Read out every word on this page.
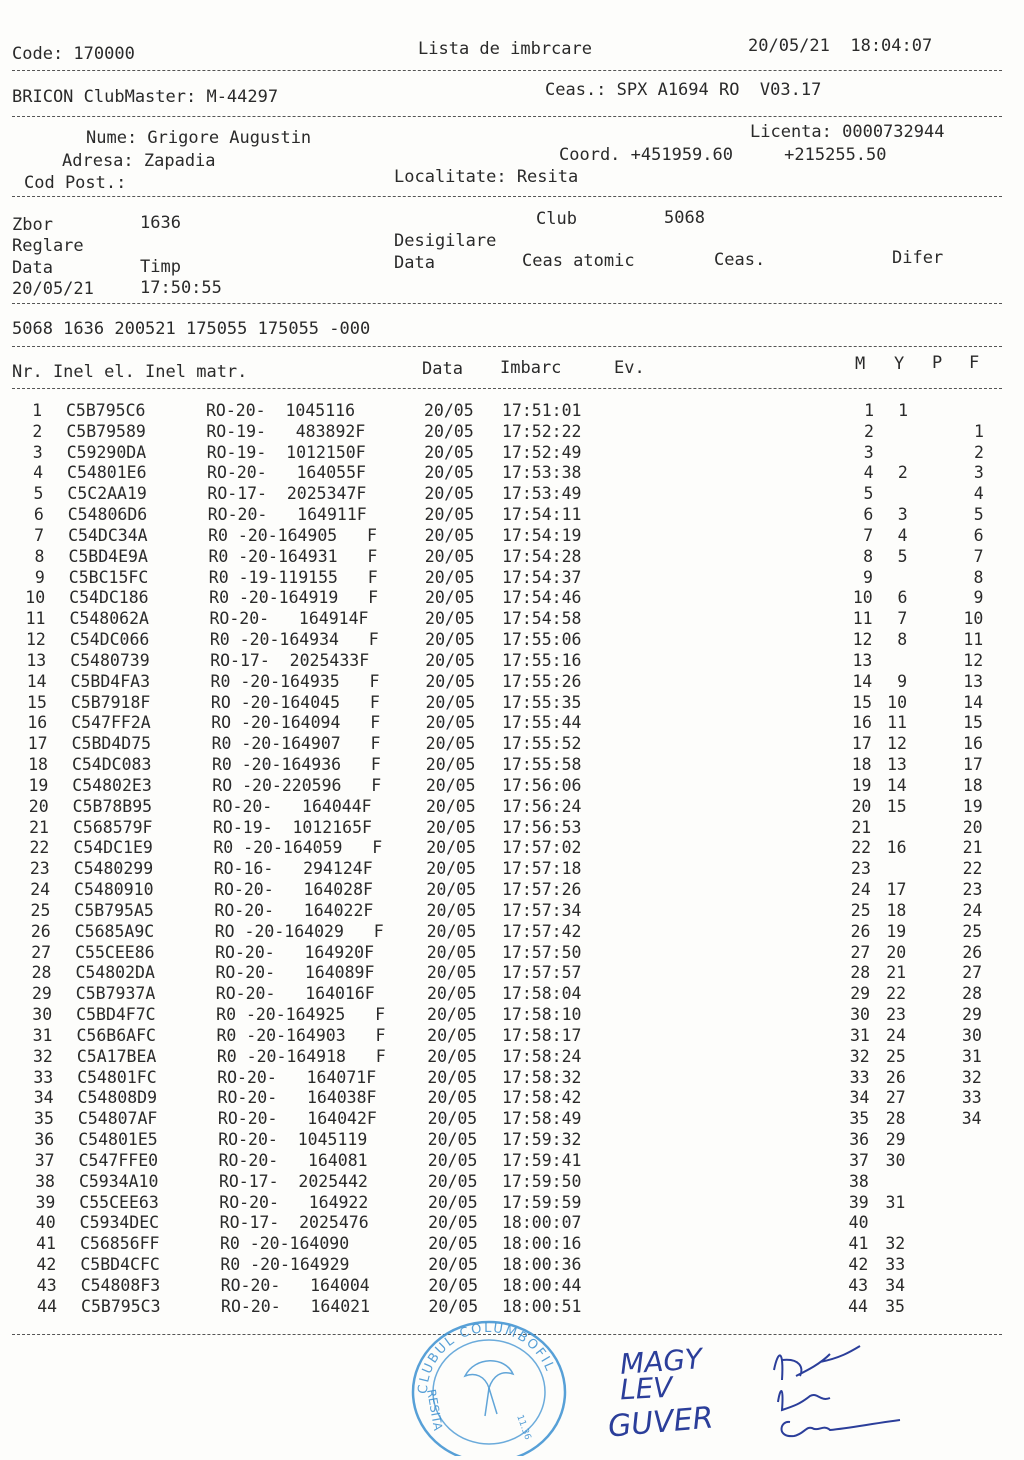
Code: 170000	Lista de imbrcare	20/05/21  18:04:07
BRICON ClubMaster: M-44297	Ceas.: SPX A1694 RO  V03.17
Nume: Grigore Augustin	Licenta: 0000732944
Adresa: Zapadia	Coord. +451959.60     +215255.50
Cod Post.:	Localitate: Resita
Zbor	1636	Club	5068
Reglare	Desigilare
Data	Timp	Data	Ceas atomic	Ceas.	Difer
20/05/21	17:50:55
5068 1636 200521 175055 175055 -000
Nr. Inel el. Inel matr.	Data Imbarc	Ev.	M Y P F
1 C5B795C6	RO-20-  1045116	20/05 17:51:01	1 1
2 C5B79589	RO-19-   483892F	20/05 17:52:22	2	1
3 C59290DA	RO-19-  1012150F	20/05 17:52:49	3	2
4 C54801E6	RO-20-   164055F	20/05 17:53:38	4 2	3
5 C5C2AA19	RO-17-  2025347F	20/05 17:53:49	5	4
6 C54806D6	RO-20-   164911F	20/05 17:54:11	6 3	5
7 C54DC34A	R0 -20-164905   F	20/05 17:54:19	7 4	6
8 C5BD4E9A	R0 -20-164931   F	20/05 17:54:28	8 5	7
9 C5BC15FC	R0 -19-119155   F	20/05 17:54:37	9	8
10 C54DC186	R0 -20-164919   F	20/05 17:54:46	10 6	9
11 C548062A	RO-20-   164914F	20/05 17:54:58	11 7	10
12 C54DC066	R0 -20-164934   F	20/05 17:55:06	12 8	11
13 C5480739	RO-17-  2025433F	20/05 17:55:16	13	12
14 C5BD4FA3	R0 -20-164935   F	20/05 17:55:26	14 9	13
15 C5B7918F	RO -20-164045   F	20/05 17:55:35	15 10	14
16 C547FF2A	RO -20-164094   F	20/05 17:55:44	16 11	15
17 C5BD4D75	R0 -20-164907   F	20/05 17:55:52	17 12	16
18 C54DC083	R0 -20-164936   F	20/05 17:55:58	18 13	17
19 C54802E3	RO -20-220596   F	20/05 17:56:06	19 14	18
20 C5B78B95	RO-20-   164044F	20/05 17:56:24	20 15	19
21 C568579F	RO-19-  1012165F	20/05 17:56:53	21	20
22 C54DC1E9	R0 -20-164059   F	20/05 17:57:02	22 16	21
23 C5480299	RO-16-   294124F	20/05 17:57:18	23	22
24 C5480910	RO-20-   164028F	20/05 17:57:26	24 17	23
25 C5B795A5	RO-20-   164022F	20/05 17:57:34	25 18	24
26 C5685A9C	RO -20-164029   F	20/05 17:57:42	26 19	25
27 C55CEE86	RO-20-   164920F	20/05 17:57:50	27 20	26
28 C54802DA	RO-20-   164089F	20/05 17:57:57	28 21	27
29 C5B7937A	RO-20-   164016F	20/05 17:58:04	29 22	28
30 C5BD4F7C	R0 -20-164925   F	20/05 17:58:10	30 23	29
31 C56B6AFC	R0 -20-164903   F	20/05 17:58:17	31 24	30
32 C5A17BEA	R0 -20-164918   F	20/05 17:58:24	32 25	31
33 C54801FC	RO-20-   164071F	20/05 17:58:32	33 26	32
34 C54808D9	RO-20-   164038F	20/05 17:58:42	34 27	33
35 C54807AF	RO-20-   164042F	20/05 17:58:49	35 28	34
36 C54801E5	RO-20-  1045119	20/05 17:59:32	36 29
37 C547FFE0	RO-20-   164081	20/05 17:59:41	37 30
38 C5934A10	RO-17-  2025442	20/05 17:59:50	38
39 C55CEE63	RO-20-   164922	20/05 17:59:59	39 31
40 C5934DEC	RO-17-  2025476	20/05 18:00:07	40
41 C56856FF	R0 -20-164090	20/05 18:00:16	41 32
42 C5BD4CFC	R0 -20-164929	20/05 18:00:36	42 33
43 C54808F3	RO-20-   164004	20/05 18:00:44	43 34
44 C5B795C3	RO-20-   164021	20/05 18:00:51	44 35
CLUBUL COLUMBOFIL
RESITA	11.36
MAGY
LEV
GUVER
